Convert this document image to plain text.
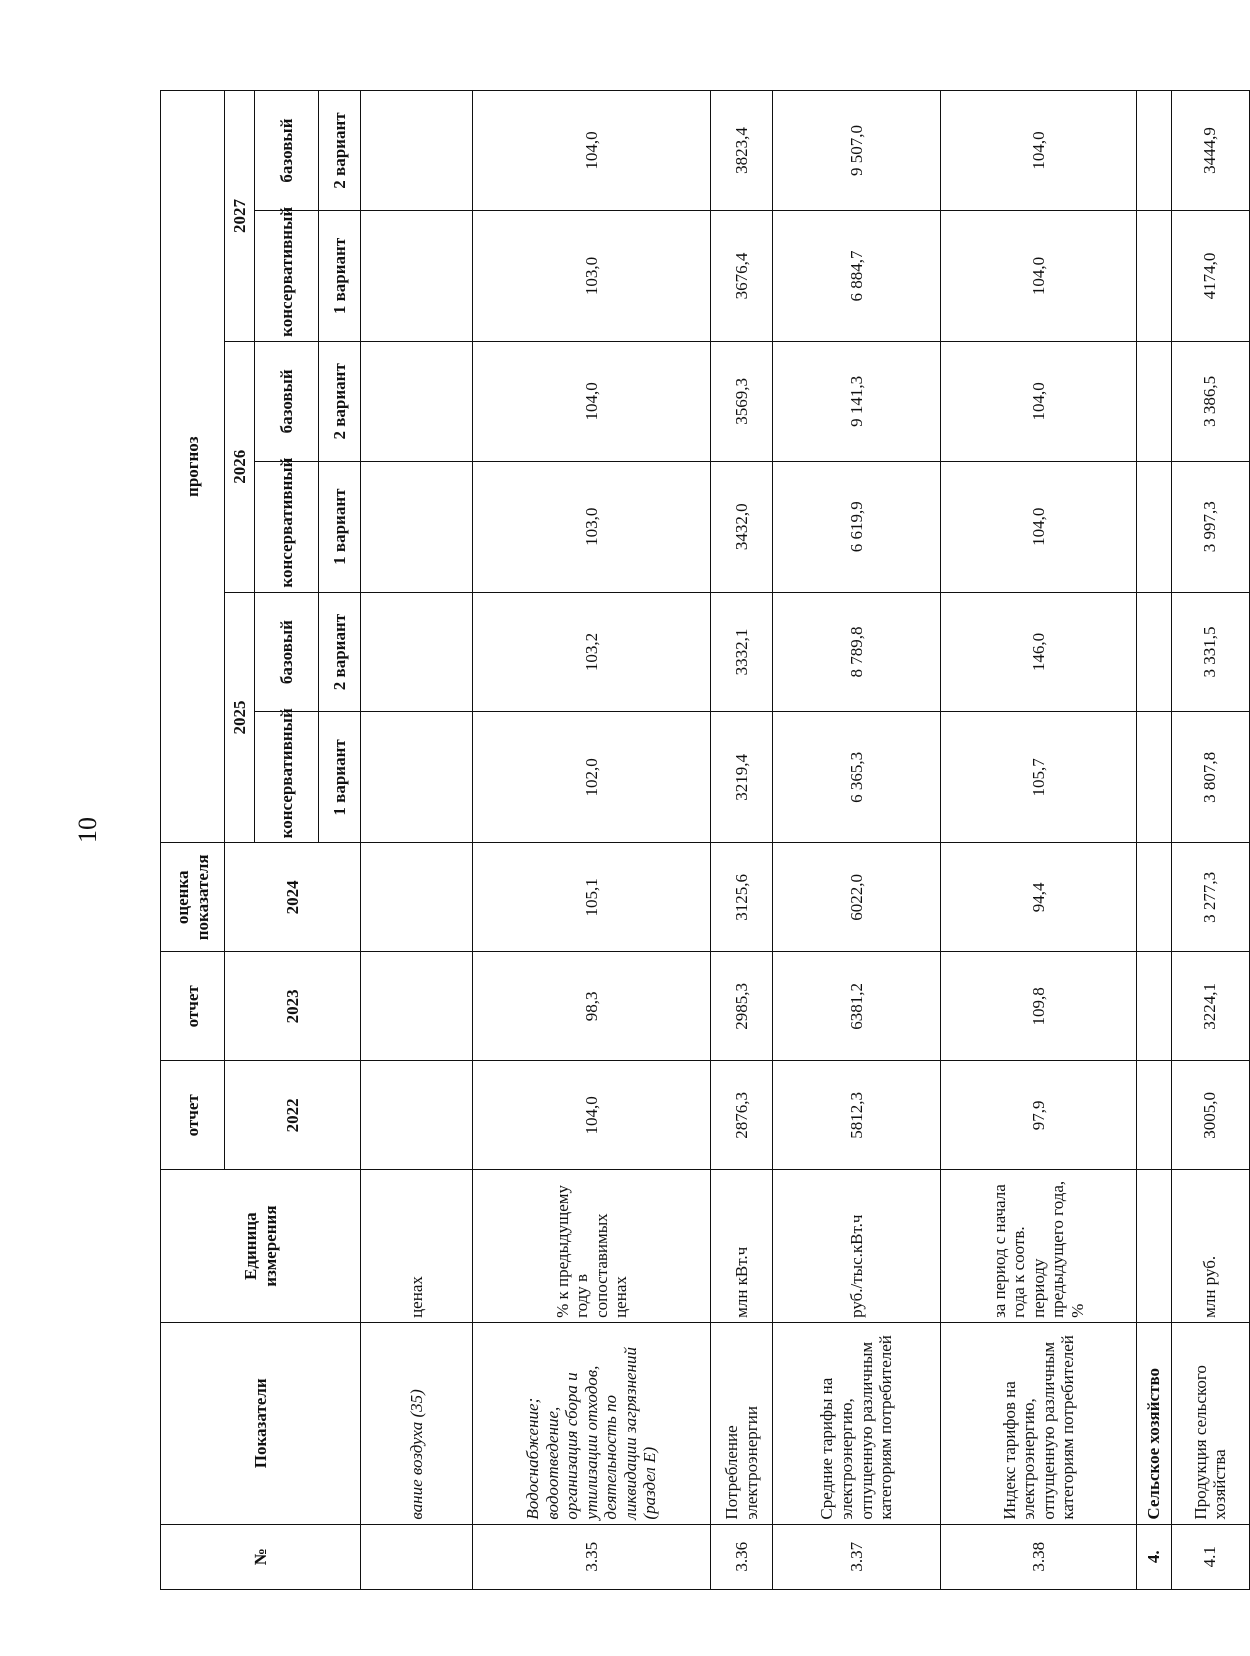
10
№	Показатели	Единица измерения	отчет	отчет	оценка показателя	прогноз					
			2022	2023	2024	2025		2026		2027	
						консервативный	базовый	консервативный	базовый	консервативный	базовый
						1 вариант	2 вариант	1 вариант	2 вариант	1 вариант	2 вариант
	вание воздуха (35)	ценах									
3.35	Водоснабжение; водоотведение, организация сбора и утилизации отходов, деятельность по ликвидации загрязнений (раздел Е)	% к предыдущему году в сопоставимых ценах	104,0	98,3	105,1	102,0	103,2	103,0	104,0	103,0	104,0
3.36	Потребление электроэнергии	млн кВт.ч	2876,3	2985,3	3125,6	3219,4	3332,1	3432,0	3569,3	3676,4	3823,4
3.37	Средние тарифы на электроэнергию, отпущенную различным категориям потребителей	руб./тыс.кВт.ч	5812,3	6381,2	6022,0	6 365,3	8 789,8	6 619,9	9 141,3	6 884,7	9 507,0
3.38	Индекс тарифов на электроэнергию, отпущенную различным категориям потребителей	за период с начала года к соотв. периоду предыдущего года, %	97,9	109,8	94,4	105,7	146,0	104,0	104,0	104,0	104,0
4.	Сельское хозяйство										
4.1	Продукция сельского хозяйства	млн руб.	3005,0	3224,1	3 277,3	3 807,8	3 331,5	3 997,3	3 386,5	4174,0	3444,9
